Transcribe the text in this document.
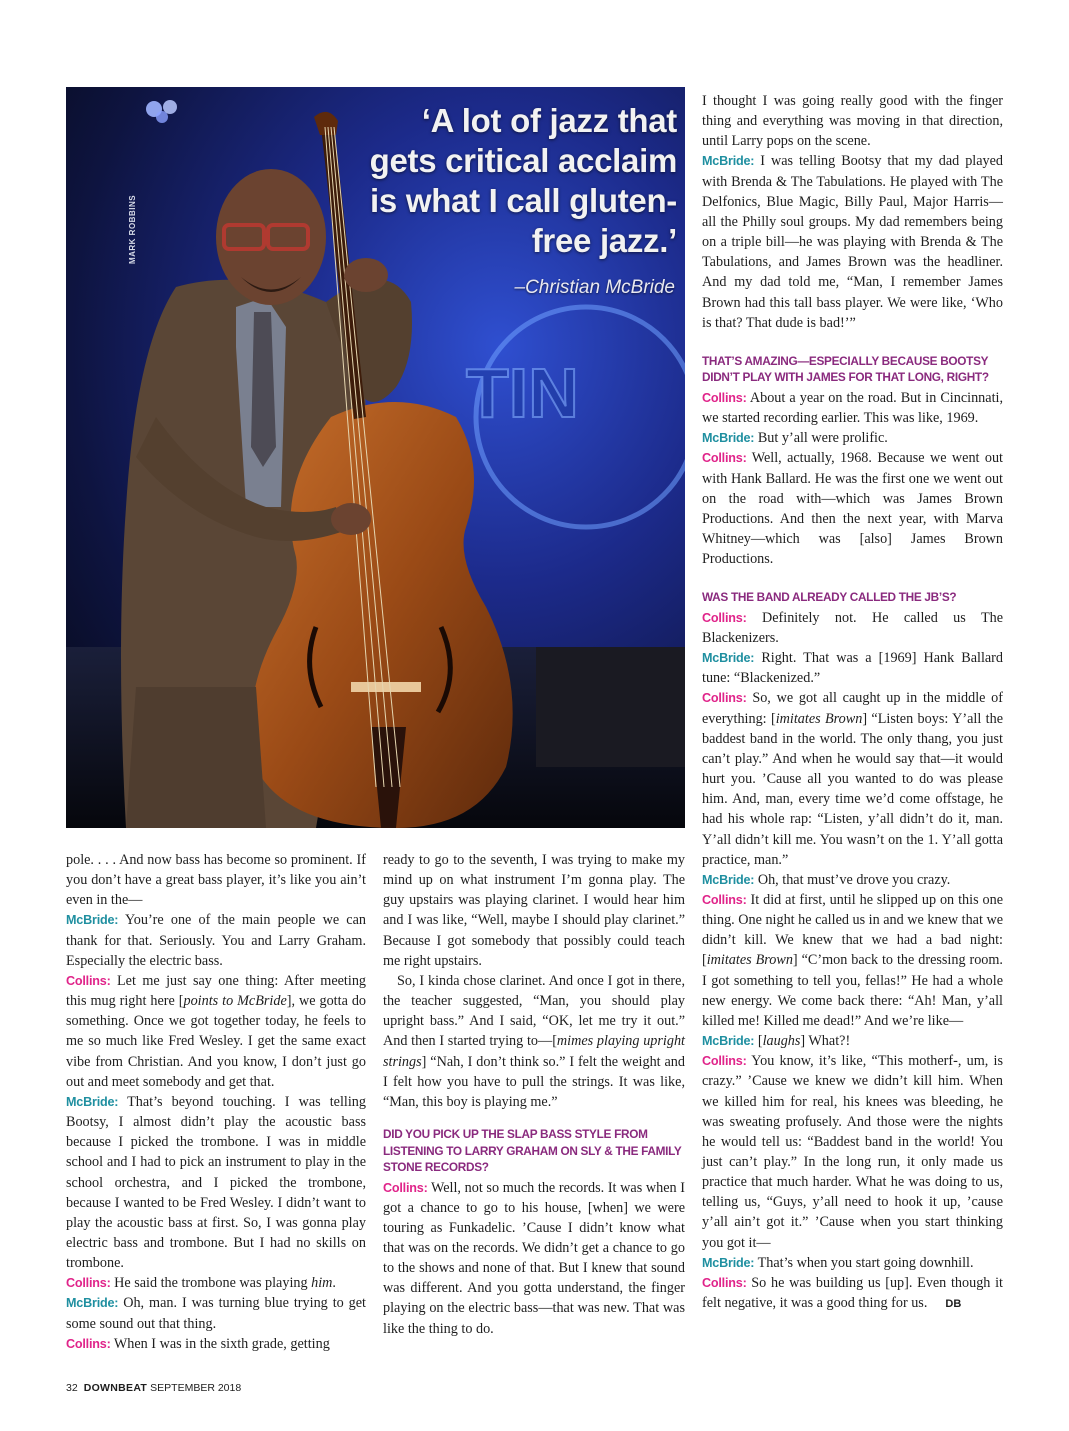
TIN
MARK ROBBINS
‘A lot of jazz that gets critical acclaim is what I call gluten-free jazz.’
–Christian McBride

pole. . . . And now bass has become so prominent. If you don’t have a great bass player, it’s like you ain’t even in the—

McBride: You’re one of the main people we can thank for that. Seriously. You and Larry Graham. Especially the electric bass.

Collins: Let me just say one thing: After meeting this mug right here [points to McBride], we gotta do something. Once we got together today, he feels to me so much like Fred Wesley. I get the same exact vibe from Christian. And you know, I don’t just go out and meet somebody and get that.

McBride: That’s beyond touching. I was telling Bootsy, I almost didn’t play the acoustic bass because I picked the trombone. I was in middle school and I had to pick an instrument to play in the school orchestra, and I picked the trombone, because I wanted to be Fred Wesley. I didn’t want to play the acoustic bass at first. So, I was gonna play electric bass and trombone. But I had no skills on trombone.

Collins: He said the trombone was playing him.

McBride: Oh, man. I was turning blue trying to get some sound out that thing.

Collins: When I was in the sixth grade, getting

ready to go to the seventh, I was trying to make my mind up on what instrument I’m gonna play. The guy upstairs was playing clarinet. I would hear him and I was like, “Well, maybe I should play clarinet.” Because I got somebody that possibly could teach me right upstairs.

So, I kinda chose clarinet. And once I got in there, the teacher suggested, “Man, you should play upright bass.” And I said, “OK, let me try it out.” And then I started trying to—[mimes playing upright strings] “Nah, I don’t think so.” I felt the weight and I felt how you have to pull the strings. It was like, “Man, this boy is playing me.”

DID YOU PICK UP THE SLAP BASS STYLE FROM LISTENING TO LARRY GRAHAM ON SLY & THE FAMILY STONE RECORDS?

Collins: Well, not so much the records. It was when I got a chance to go to his house, [when] we were touring as Funkadelic. ’Cause I didn’t know what that was on the records. We didn’t get a chance to go to the shows and none of that. But I knew that sound was different. And you gotta understand, the finger playing on the electric bass—that was new. That was like the thing to do.

I thought I was going really good with the finger thing and everything was moving in that direction, until Larry pops on the scene.

McBride: I was telling Bootsy that my dad played with Brenda & The Tabulations. He played with The Delfonics, Blue Magic, Billy Paul, Major Harris—all the Philly soul groups. My dad remembers being on a triple bill—he was playing with Brenda & The Tabulations, and James Brown was the headliner. And my dad told me, “Man, I remember James Brown had this tall bass player. We were like, ‘Who is that? That dude is bad!’”

THAT’S AMAZING—ESPECIALLY BECAUSE BOOTSY DIDN’T PLAY WITH JAMES FOR THAT LONG, RIGHT?

Collins: About a year on the road. But in Cincinnati, we started recording earlier. This was like, 1969.

McBride: But y’all were prolific.

Collins: Well, actually, 1968. Because we went out with Hank Ballard. He was the first one we went out on the road with—which was James Brown Productions. And then the next year, with Marva Whitney—which was [also] James Brown Productions.

WAS THE BAND ALREADY CALLED THE JB’S?

Collins: Definitely not. He called us The Blackenizers.

McBride: Right. That was a [1969] Hank Ballard tune: “Blackenized.”

Collins: So, we got all caught up in the middle of everything: [imitates Brown] “Listen boys: Y’all the baddest band in the world. The only thang, you just can’t play.” And when he would say that—it would hurt you. ’Cause all you wanted to do was please him. And, man, every time we’d come offstage, he had his whole rap: “Listen, y’all didn’t do it, man. Y’all didn’t kill me. You wasn’t on the 1. Y’all gotta practice, man.”

McBride: Oh, that must’ve drove you crazy.

Collins: It did at first, until he slipped up on this one thing. One night he called us in and we knew that we didn’t kill. We knew that we had a bad night: [imitates Brown] “C’mon back to the dressing room. I got something to tell you, fellas!” He had a whole new energy. We come back there: “Ah! Man, y’all killed me! Killed me dead!” And we’re like—

McBride: [laughs] What?!

Collins: You know, it’s like, “This motherf-, um, is crazy.” ’Cause we knew we didn’t kill him. When we killed him for real, his knees was bleeding, he was sweating profusely. And those were the nights he would tell us: “Baddest band in the world! You just can’t play.” In the long run, it only made us practice that much harder. What he was doing to us, telling us, “Guys, y’all need to hook it up, ’cause y’all ain’t got it.” ’Cause when you start thinking you got it—

McBride: That’s when you start going downhill.

Collins: So he was building us [up]. Even though it felt negative, it was a good thing for us. DB

32 DOWNBEAT SEPTEMBER 2018
